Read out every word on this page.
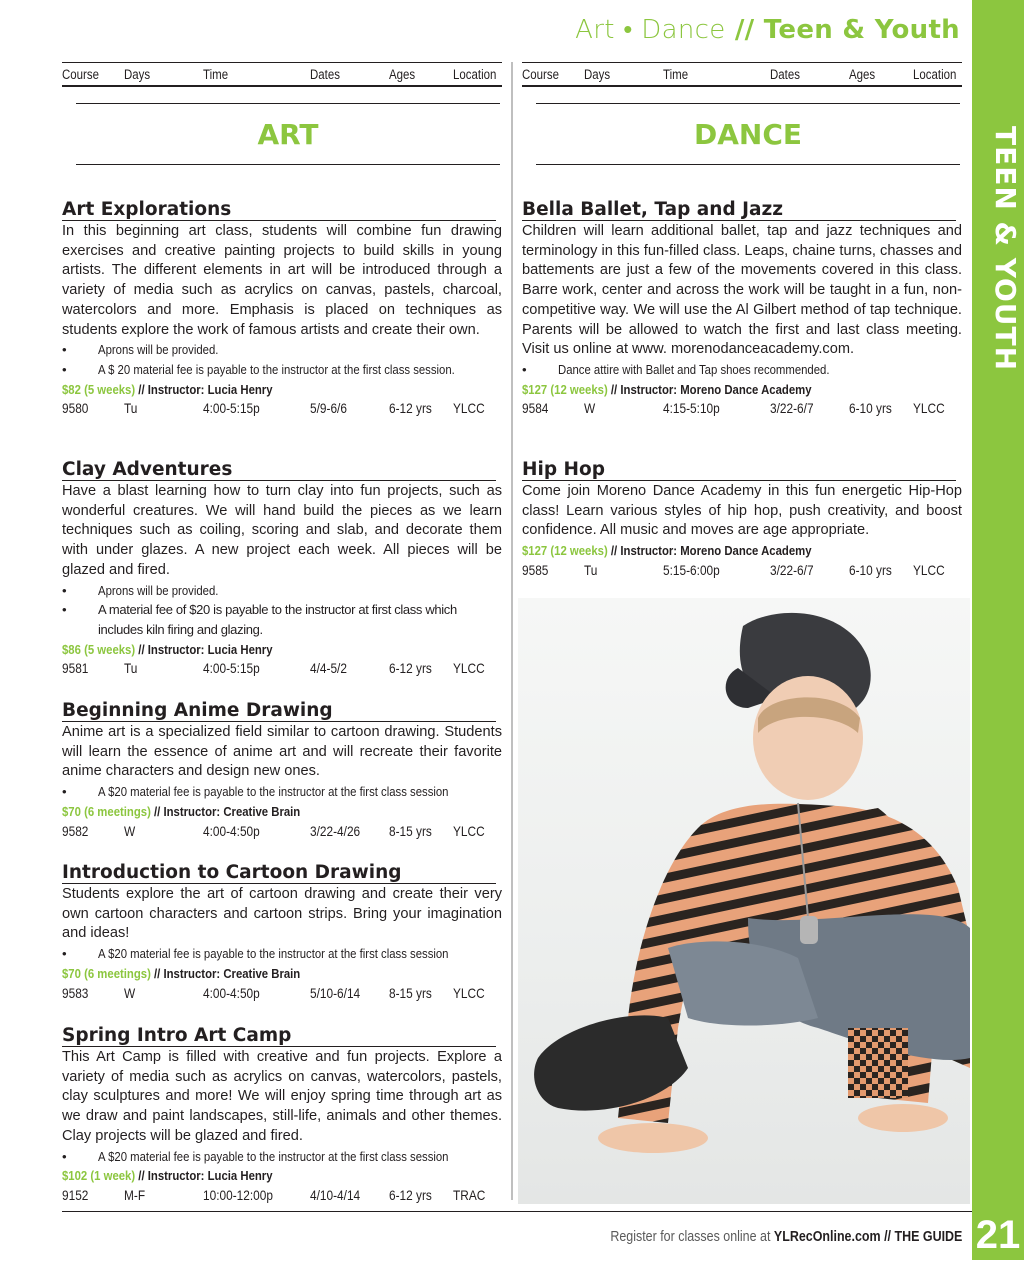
Art • Dance // Teen & Youth
TEEN & YOUTH
21
Course	Days	Time	Dates	Ages	Location
ART
Art Explorations
In this beginning art class, students will combine fun drawing exercises and creative painting projects to build skills in young artists. The different elements in art will be introduced through a variety of media such as acrylics on canvas, pastels, charcoal, watercolors and more. Emphasis is placed on techniques as students explore the work of famous artists and create their own.
•	Aprons will be provided.
•	A $ 20 material fee is payable to the instructor at the first class session.
$82 (5 weeks) // Instructor: Lucia Henry
9580	Tu	4:00-5:15p	5/9-6/6	6-12 yrs	YLCC
Clay Adventures
Have a blast learning how to turn clay into fun projects, such as wonderful creatures. We will hand build the pieces as we learn techniques such as coiling, scoring and slab, and decorate them with under glazes. A new project each week. All pieces will be glazed and fired.
•	Aprons will be provided.
•	A material fee of $20 is payable to the instructor at first class which includes kiln firing and glazing.
$86 (5 weeks) // Instructor: Lucia Henry
9581	Tu	4:00-5:15p	4/4-5/2	6-12 yrs	YLCC
Beginning Anime Drawing
Anime art is a specialized field similar to cartoon drawing. Students will learn the essence of anime art and will recreate their favorite anime characters and design new ones.
•	A $20 material fee is payable to the instructor at the first class session
$70 (6 meetings) // Instructor: Creative Brain
9582	W	4:00-4:50p	3/22-4/26	8-15 yrs	YLCC
Introduction to Cartoon Drawing
Students explore the art of cartoon drawing and create their very own cartoon characters and cartoon strips. Bring your imagination and ideas!
•	A $20 material fee is payable to the instructor at the first class session
$70 (6 meetings) // Instructor: Creative Brain
9583	W	4:00-4:50p	5/10-6/14	8-15 yrs	YLCC
Spring Intro Art Camp
This Art Camp is filled with creative and fun projects. Explore a variety of media such as acrylics on canvas, watercolors, pastels, clay sculptures and more! We will enjoy spring time through art as we draw and paint landscapes, still-life, animals and other themes. Clay projects will be glazed and fired.
•	A $20 material fee is payable to the instructor at the first class session
$102 (1 week) // Instructor: Lucia Henry
9152	M-F	10:00-12:00p	4/10-4/14	6-12 yrs	TRAC
Course	Days	Time	Dates	Ages	Location
DANCE
Bella Ballet, Tap and Jazz
Children will learn additional ballet, tap and jazz techniques and terminology in this fun-filled class. Leaps, chaine turns, chasses and battements are just a few of the movements covered in this class. Barre work, center and across the work will be taught in a fun, non-competitive way. We will use the Al Gilbert method of tap technique. Parents will be allowed to watch the first and last class meeting. Visit us online at www. morenodanceacademy.com.
•	Dance attire with Ballet and Tap shoes recommended.
$127 (12 weeks) // Instructor: Moreno Dance Academy
9584	W	4:15-5:10p	3/22-6/7	6-10 yrs	YLCC
Hip Hop
Come join Moreno Dance Academy in this fun energetic Hip-Hop class! Learn various styles of hip hop, push creativity, and boost confidence. All music and moves are age appropriate.
$127 (12 weeks) // Instructor: Moreno Dance Academy
9585	Tu	5:15-6:00p	3/22-6/7	6-10 yrs	YLCC
Register for classes online at YLRecOnline.com // THE GUIDE
